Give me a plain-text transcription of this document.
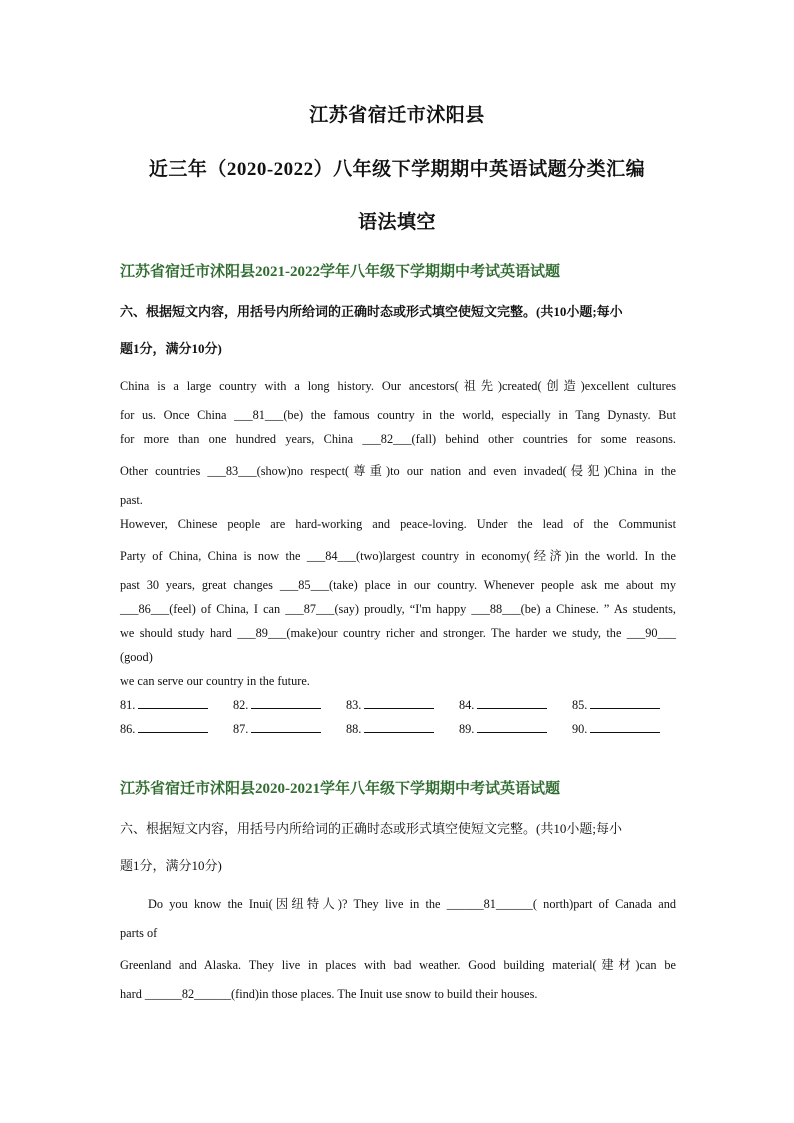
江苏省宿迁市沭阳县
近三年（2020-2022）八年级下学期期中英语试题分类汇编
语法填空
江苏省宿迁市沭阳县2021-2022学年八年级下学期期中考试英语试题
六、根据短文内容，用括号内所给词的正确时态或形式填空使短文完整。(共10小题;每小
题1分，满分10分)
China is a large country with a long history. Our ancestors(祖先)created(创造)excellent cultures
for us. Once China ___81___(be) the famous country in the world, especially in Tang Dynasty. But
for more than one hundred years, China ___82___(fall) behind other countries for some reasons.
Other countries ___83___(show)no respect(尊重)to our nation and even invaded(侵犯)China in the
past.
However, Chinese people are hard-working and peace-loving. Under the lead of the Communist
Party of China, China is now the ___84___(two)largest country in economy(经济)in the world. In the
past 30 years, great changes ___85___(take) place in our country. Whenever people ask me about my
___86___(feel) of China, I can ___87___(say) proudly, “I'm happy ___88___(be) a Chinese. ” As students,
we should study hard ___89___(make)our country richer and stronger. The harder we study, the ___90___
(good)
we can serve our country in the future.
81.	82.	83.	84.	85.
86.	87.	88.	89.	90.
江苏省宿迁市沭阳县2020-2021学年八年级下学期期中考试英语试题
六、根据短文内容，用括号内所给词的正确时态或形式填空使短文完整。(共10小题;每小
题1分，满分10分)
Do you know the Inui(因纽特人)? They live in the ______81______( north)part of Canada and
parts of
Greenland and Alaska. They live in places with bad weather. Good building material(建材)can be
hard ______82______(find)in those places. The Inuit use snow to build their houses.
